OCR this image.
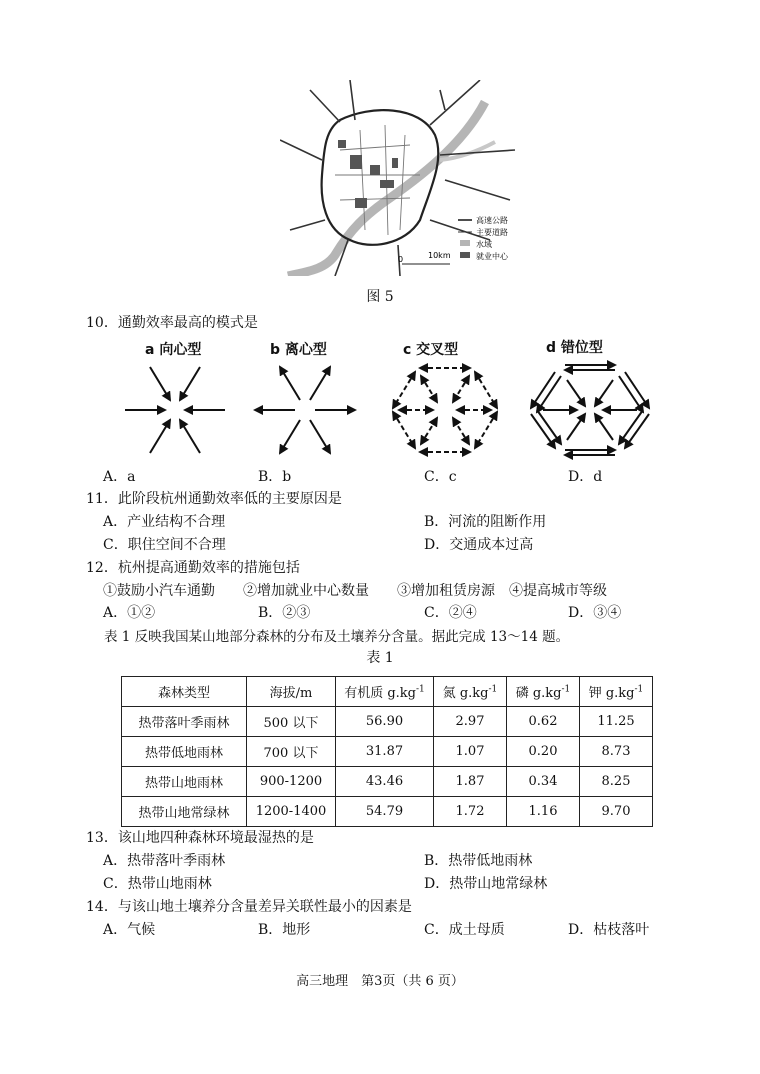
高速公路
主要道路
水域
就业中心
0	10km
图 5
10．通勤效率最高的模式是
a 向心型	b 离心型	c 交叉型	d 错位型
A．a	B．b	C．c	D．d
11．此阶段杭州通勤效率低的主要原因是
A．产业结构不合理	B．河流的阻断作用
C．职住空间不合理	D．交通成本过高
12．杭州提高通勤效率的措施包括
①鼓励小汽车通勤　　②增加就业中心数量　　③增加租赁房源　④提高城市等级
A．①②	B．②③	C．②④	D．③④
表 1 反映我国某山地部分森林的分布及土壤养分含量。据此完成 13～14 题。
表 1
森林类型	海拔/m	有机质 $g.kg^{-1}$	氮 $g.kg^{-1}$	磷 $g.kg^{-1}$	钾 $g.kg^{-1}$
热带落叶季雨林	500 以下	56.90	2.97	0.62	11.25
热带低地雨林	700 以下	31.87	1.07	0.20	8.73
热带山地雨林	900-1200	43.46	1.87	0.34	8.25
热带山地常绿林	1200-1400	54.79	1.72	1.16	9.70
13．该山地四种森林环境最湿热的是
A．热带落叶季雨林	B．热带低地雨林
C．热带山地雨林	D．热带山地常绿林
14．与该山地土壤养分含量差异关联性最小的因素是
A．气候	B．地形	C．成土母质	D．枯枝落叶
高三地理　第3页（共 6 页）
